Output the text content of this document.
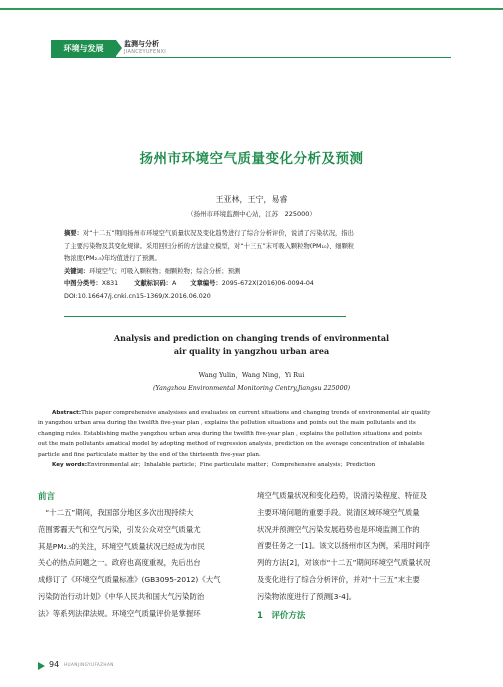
环境与发展	监测与分析
JIANCEYUFENXI
扬州市环境空气质量变化分析及预测
王亚林，王宁，易睿
（扬州市环境监测中心站，江苏　225000）
摘要：对“十二五”期间扬州市环境空气质量状况及变化趋势进行了综合分析评价，说清了污染状况，指出
了主要污染物及其变化规律。采用回归分析的方法建立模型，对“十三五”末可吸入颗粒物(PM₁₀)、细颗粒
物浓度(PM₂.₅)年均值进行了预测。
关键词：环境空气；可吸入颗粒物；细颗粒物；综合分析；预测
中图分类号：X831	文献标识码：A 文章编号：2095-672X(2016)06-0094-04
DOI:10.16647/j.cnki.cn15-1369/X.2016.06.020
Analysis and prediction on changing trends of environmental
air quality in yangzhou urban area
Wang Yulin，Wang Ning，Yi Rui
(Yangzhou Environmental Monitoring Centry,Jiangsu 225000)
Abstract:This paper comprehensive analysises and evaluates on current situations and changing trends of environmental air quality
in yangzhou urban area during the twelfth five-year plan , explains the pollution situations and points out the main pollutants and its
changing rules. Establishing mathe yangzhou urban area during the twelfth five-year plan , explains the pollution situations and points
out the main pollutants amatical model by adopting method of regression analysis, prediction on the average concentration of inhalable
particle and fine particulate matter by the end of the thirteenth five-year plan.
Key words:Environmental air；Inhalable particle；Fine particulate matter；Comprehensive analysis；Prediction
前言
　“十二五”期间，我国部分地区多次出现持续大
范围雾霾天气和空气污染，引发公众对空气质量尤
其是PM₂.₅的关注，环境空气质量状况已经成为市民
关心的热点问题之一。政府也高度重视，先后出台
成修订了《环境空气质量标准》(GB3095-2012)《大气
污染防治行动计划》《中华人民共和国大气污染防治
法》等系列法律法规。环境空气质量评价是掌握环
境空气质量状况和变化趋势，说清污染程度、特征及
主要环境问题的重要手段。说清区域环境空气质量
状况并预测空气污染发展趋势也是环境监测工作的
首要任务之一[1]。该文以扬州市区为例，采用时间序
列的方法[2]，对该市“十二五”期间环境空气质量状况
及变化进行了综合分析评价，并对“十三五”末主要
污染物浓度进行了预测[3-4]。
1　评价方法
94 HUANJINGYUFAZHAN
